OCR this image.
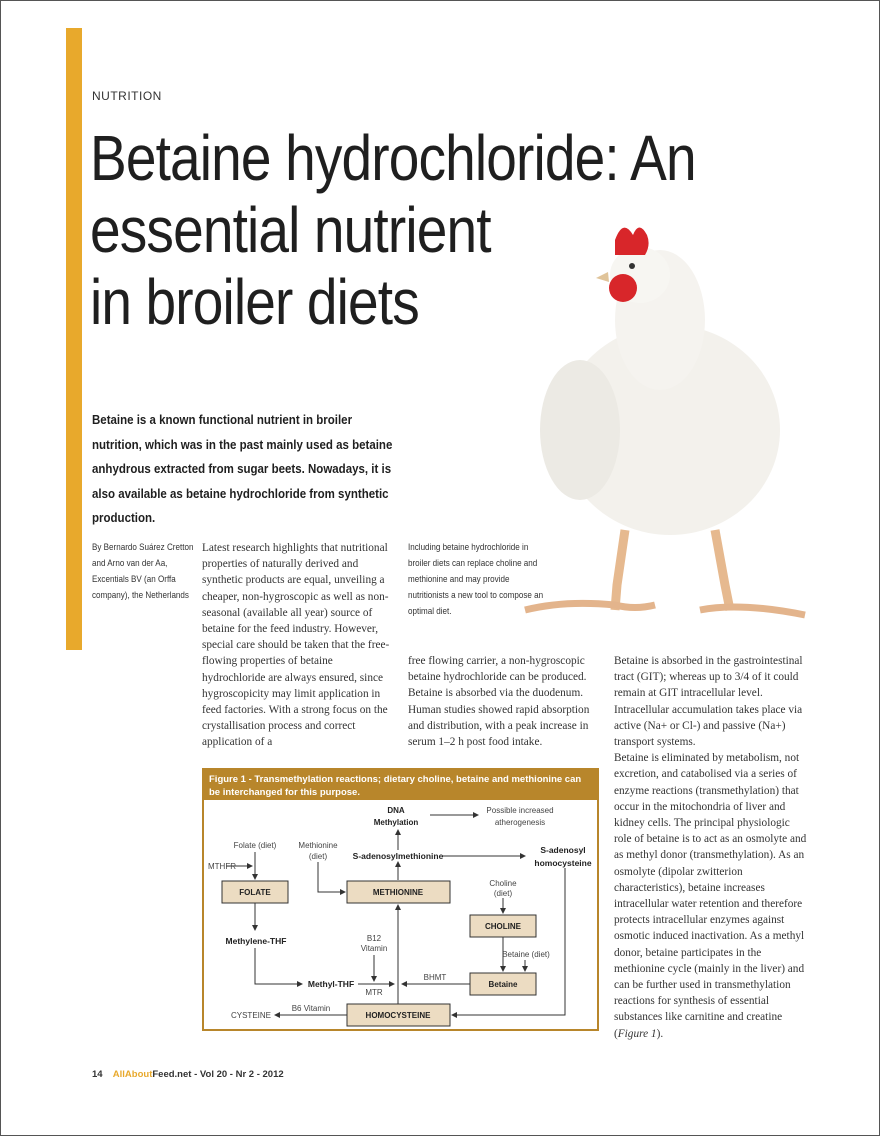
NUTRITION
Betaine hydrochloride: An
essential nutrient
in broiler diets
Betaine is a known functional nutrient in broiler nutrition, which was in the past mainly used as betaine anhydrous extracted from sugar beets. Nowadays, it is also available as betaine hydrochloride from synthetic production.
By Bernardo Suárez Cretton and Arno van der Aa, Excentials BV (an Orffa company), the Netherlands
Including betaine hydrochloride in broiler diets can replace choline and methionine and may provide nutritionists a new tool to compose an optimal diet.
Latest research highlights that nutritional properties of naturally derived and synthetic products are equal, unveiling a cheaper, non-hygroscopic as well as non-seasonal (available all year) source of betaine for the feed industry. However, special care should be taken that the free-flowing properties of betaine hydrochloride are always ensured, since hygroscopicity may limit application in feed factories. With a strong focus on the crystallisation process and correct application of a
free flowing carrier, a non-hygroscopic betaine hydrochloride can be produced. Betaine is absorbed via the duodenum. Human studies showed rapid absorption and distribution, with a peak increase in serum 1–2 h post food intake.

Betaine is absorbed in the gastrointestinal tract (GIT); whereas up to 3/4 of it could remain at GIT intracellular level. Intracellular accumulation takes place via active (Na+ or Cl-) and passive (Na+) transport systems.

Betaine is eliminated by metabolism, not excretion, and catabolised via a series of enzyme reactions (transmethylation) that occur in the mitochondria of liver and kidney cells. The principal physiologic role of betaine is to act as an osmolyte and as methyl donor (transmethylation). As an osmolyte (dipolar zwitterion characteristics), betaine increases intracellular water retention and therefore protects intracellular enzymes against osmotic induced inactivation. As a methyl donor, betaine participates in the methionine cycle (mainly in the liver) and can be further used in transmethylation reactions for synthesis of essential substances like carnitine and creatine (Figure 1).

Figure 1 - Transmethylation reactions; dietary choline, betaine and methionine can be interchanged for this purpose.
DNA
Methylation
Possible increased
atherogenesis
Folate (diet)
MTHFR
Methionine
(diet)	S-adenosylmethionine
S-adenosyl
homocysteine
FOLATE	METHIONINE
Choline
(diet)
CHOLINE
Methylene-THF	B12
Vitamin
Betaine (diet)
Betaine
Methyl-THF
BHMT
MTR
HOMOCYSTEINE
CYSTEINE
B6 Vitamin
14 AllAboutFeed.net - Vol 20 - Nr 2 - 2012
